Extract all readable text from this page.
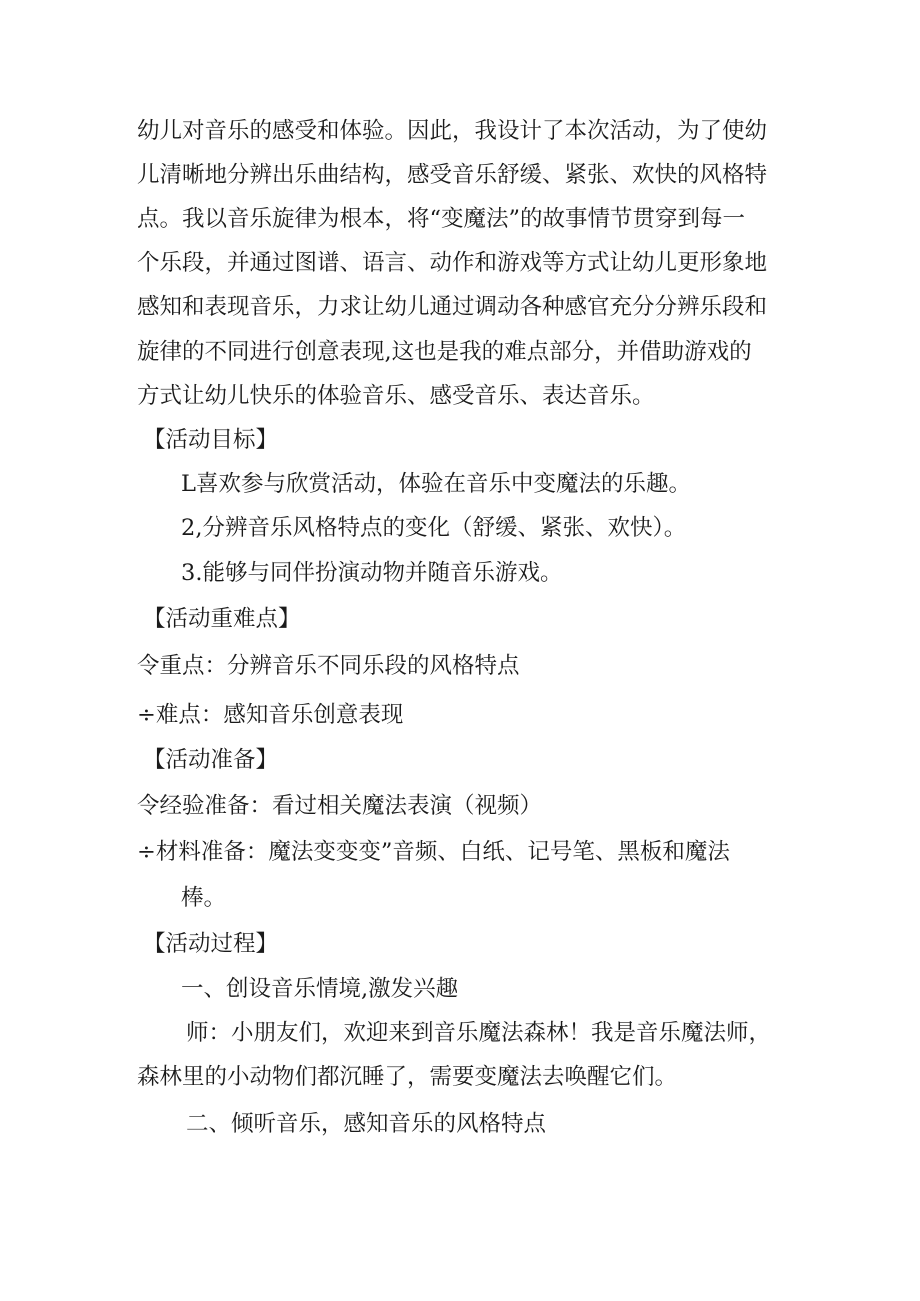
幼儿对音乐的感受和体验。因此，我设计了本次活动，为了使幼

儿清晰地分辨出乐曲结构，感受音乐舒缓、紧张、欢快的风格特

点。我以音乐旋律为根本，将“变魔法”的故事情节贯穿到每一

个乐段，并通过图谱、语言、动作和游戏等方式让幼儿更形象地

感知和表现音乐，力求让幼儿通过调动各种感官充分分辨乐段和

旋律的不同进行创意表现,这也是我的难点部分，并借助游戏的

方式让幼儿快乐的体验音乐、感受音乐、表达音乐。

【活动目标】

L喜欢参与欣赏活动，体验在音乐中变魔法的乐趣。

2,分辨音乐风格特点的变化（舒缓、紧张、欢快）。

3.能够与同伴扮演动物并随音乐游戏。

【活动重难点】

令重点：分辨音乐不同乐段的风格特点

÷难点：感知音乐创意表现

【活动准备】

令经验准备：看过相关魔法表演（视频）

÷材料准备：魔法变变变”音频、白纸、记号笔、黑板和魔法

棒。

【活动过程】

一、创设音乐情境,激发兴趣

师：小朋友们，欢迎来到音乐魔法森林！我是音乐魔法师，

森林里的小动物们都沉睡了，需要变魔法去唤醒它们。

二、倾听音乐，感知音乐的风格特点
